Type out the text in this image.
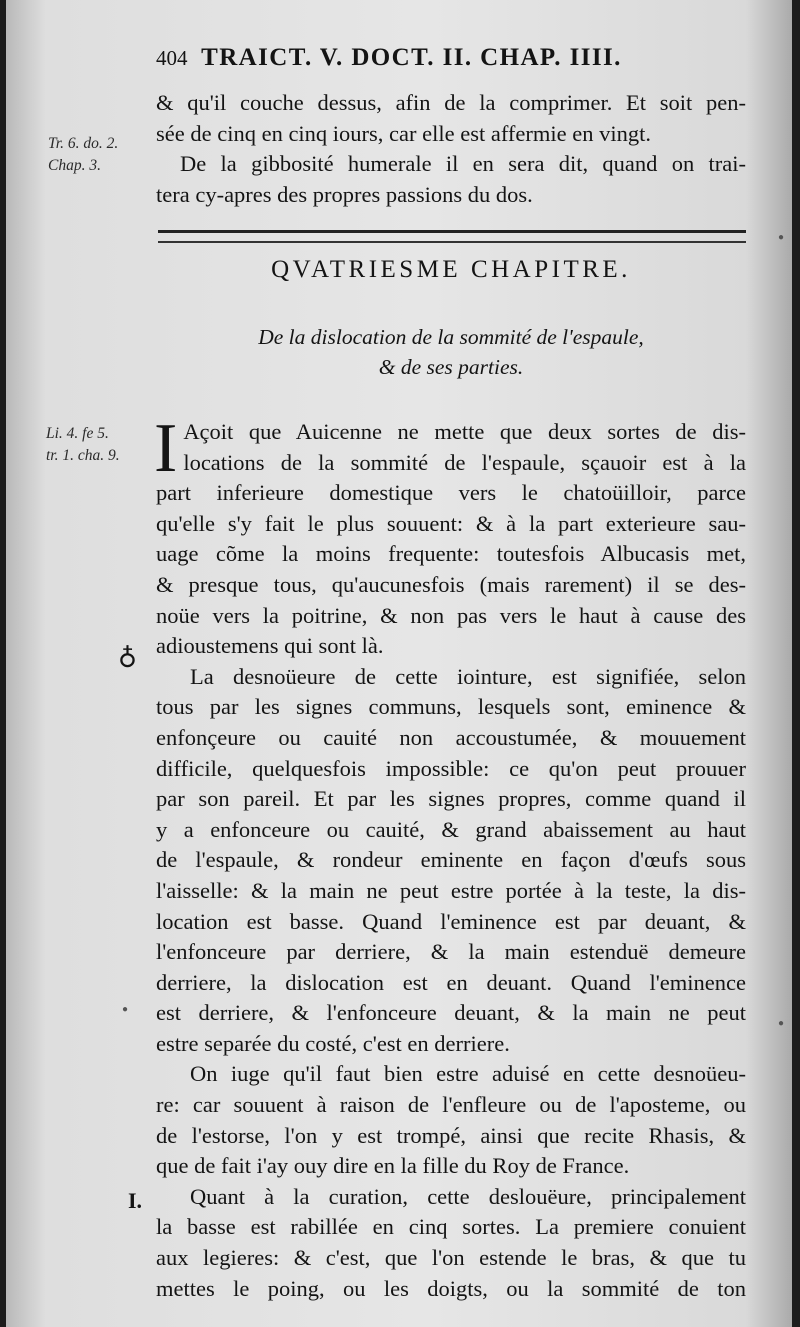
404 TRAICT. V. DOCT. II. CHAP. IIII.

& qu'il couche dessus, afin de la comprimer. Et soit pen-

sée de cinq en cinq iours, car elle est affermie en vingt.

De la gibbosité humerale il en sera dit, quand on trai-

tera cy-apres des propres passions du dos.

Tr. 6. do. 2.
Chap. 3.
QVATRIESME CHAPITRE.
De la dislocation de la sommité de l'espaule,
& de ses parties.
Li. 4. fe 5.
tr. 1. cha. 9.
♁
I.
I Açoit que Auicenne ne mette que deux sortes de dis-

locations de la sommité de l'espaule, sçauoir est à la

part inferieure domestique vers le chatoüilloir, parce

qu'elle s'y fait le plus souuent: & à la part exterieure sau-

uage cõme la moins frequente: toutesfois Albucasis met,

& presque tous, qu'aucunesfois (mais rarement) il se des-

noüe vers la poitrine, & non pas vers le haut à cause des

adioustemens qui sont là.

La desnoüeure de cette iointure, est signifiée, selon

tous par les signes communs, lesquels sont, eminence &

enfonçeure ou cauité non accoustumée, & mouuement

difficile, quelquesfois impossible: ce qu'on peut prouuer

par son pareil. Et par les signes propres, comme quand il

y a enfonceure ou cauité, & grand abaissement au haut

de l'espaule, & rondeur eminente en façon d'œufs sous

l'aisselle: & la main ne peut estre portée à la teste, la dis-

location est basse. Quand l'eminence est par deuant, &

l'enfonceure par derriere, & la main estenduë demeure

derriere, la dislocation est en deuant. Quand l'eminence

est derriere, & l'enfonceure deuant, & la main ne peut

estre separée du costé, c'est en derriere.

On iuge qu'il faut bien estre aduisé en cette desnoüeu-

re: car souuent à raison de l'enfleure ou de l'aposteme, ou

de l'estorse, l'on y est trompé, ainsi que recite Rhasis, &

que de fait i'ay ouy dire en la fille du Roy de France.

Quant à la curation, cette deslouëure, principalement

la basse est rabillée en cinq sortes. La premiere conuient

aux legieres: & c'est, que l'on estende le bras, & que tu

mettes le poing, ou les doigts, ou la sommité de ton

●
●
●
